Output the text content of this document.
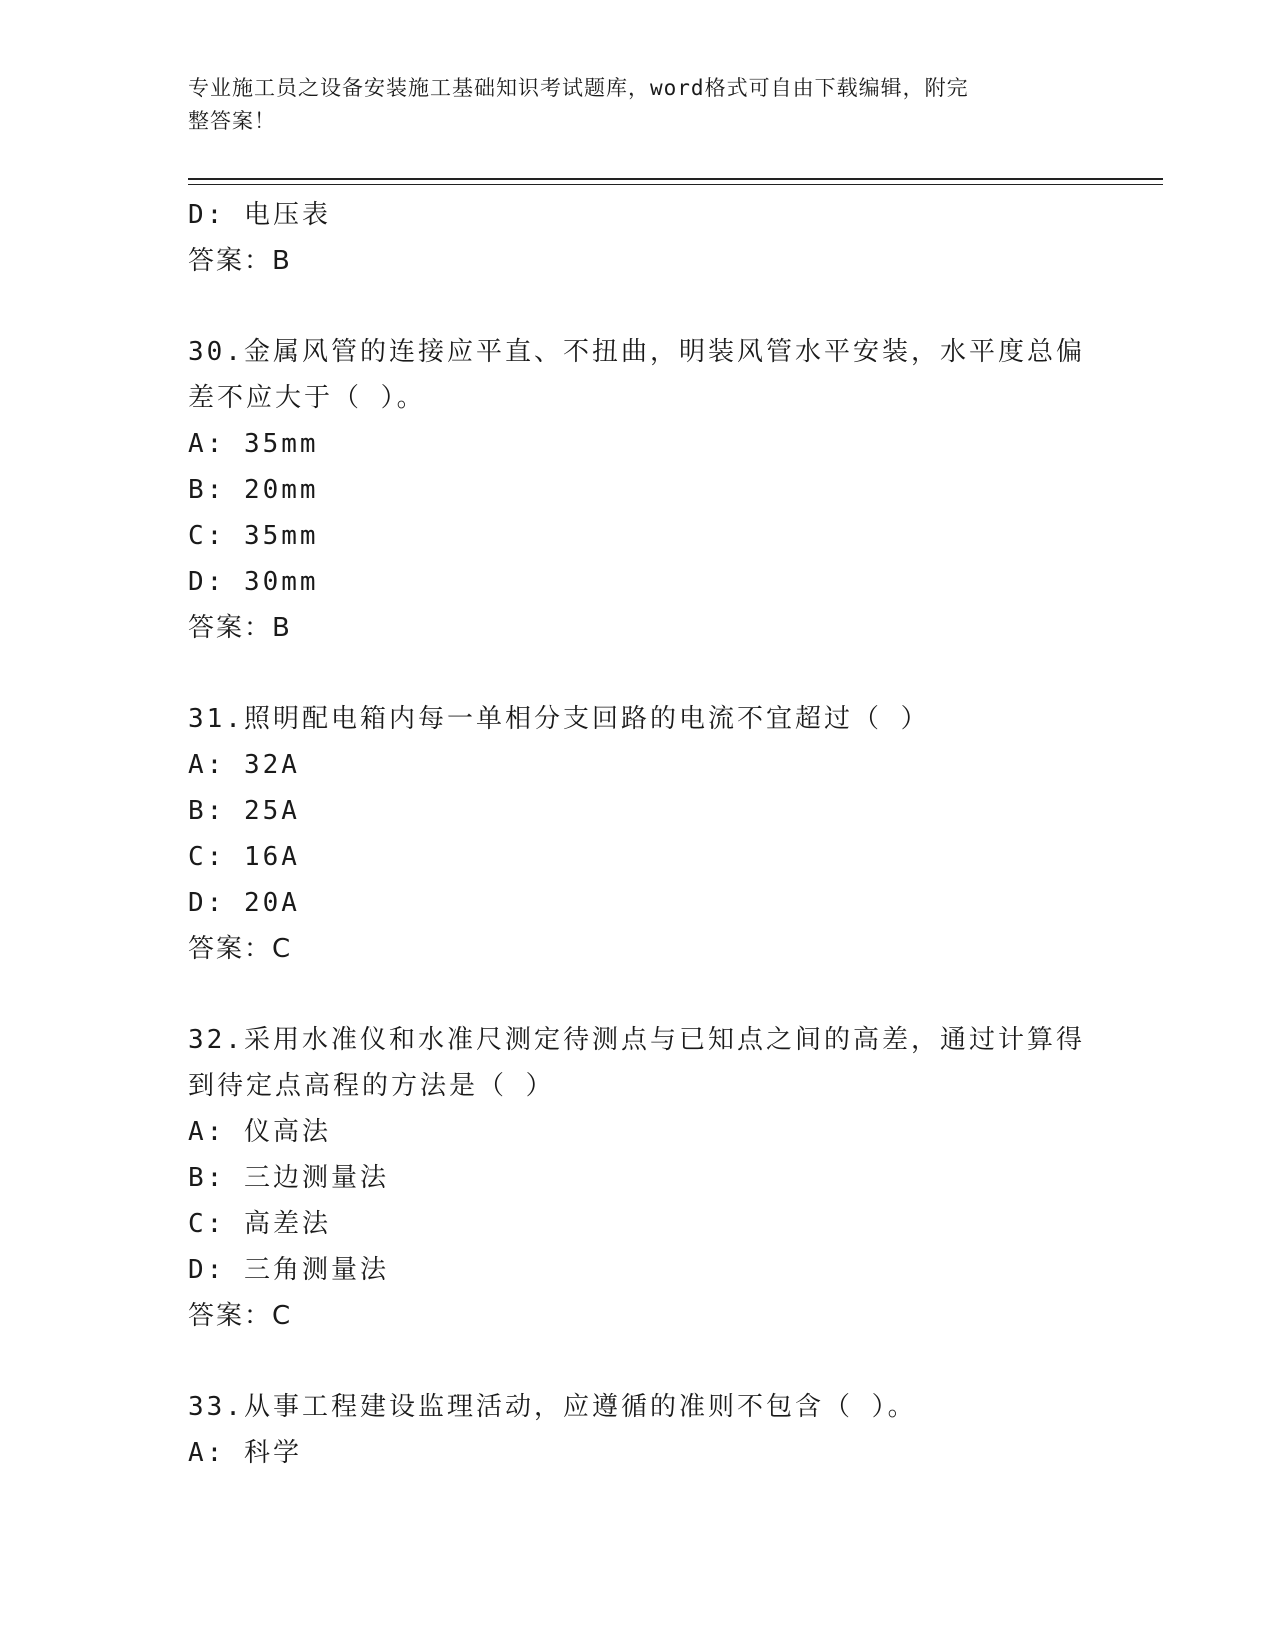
专业施工员之设备安装施工基础知识考试题库，word格式可自由下载编辑，附完
整答案！
D: 电压表
答案：B
30.金属风管的连接应平直、不扭曲，明装风管水平安装，水平度总偏
差不应大于（ ）。
A: 35mm
B: 20mm
C: 35mm
D: 30mm
答案：B
31.照明配电箱内每一单相分支回路的电流不宜超过（ ）
A: 32A
B: 25A
C: 16A
D: 20A
答案：C
32.采用水准仪和水准尺测定待测点与已知点之间的高差，通过计算得
到待定点高程的方法是（ ）
A: 仪高法
B: 三边测量法
C: 高差法
D: 三角测量法
答案：C
33.从事工程建设监理活动，应遵循的准则不包含（ ）。
A: 科学
